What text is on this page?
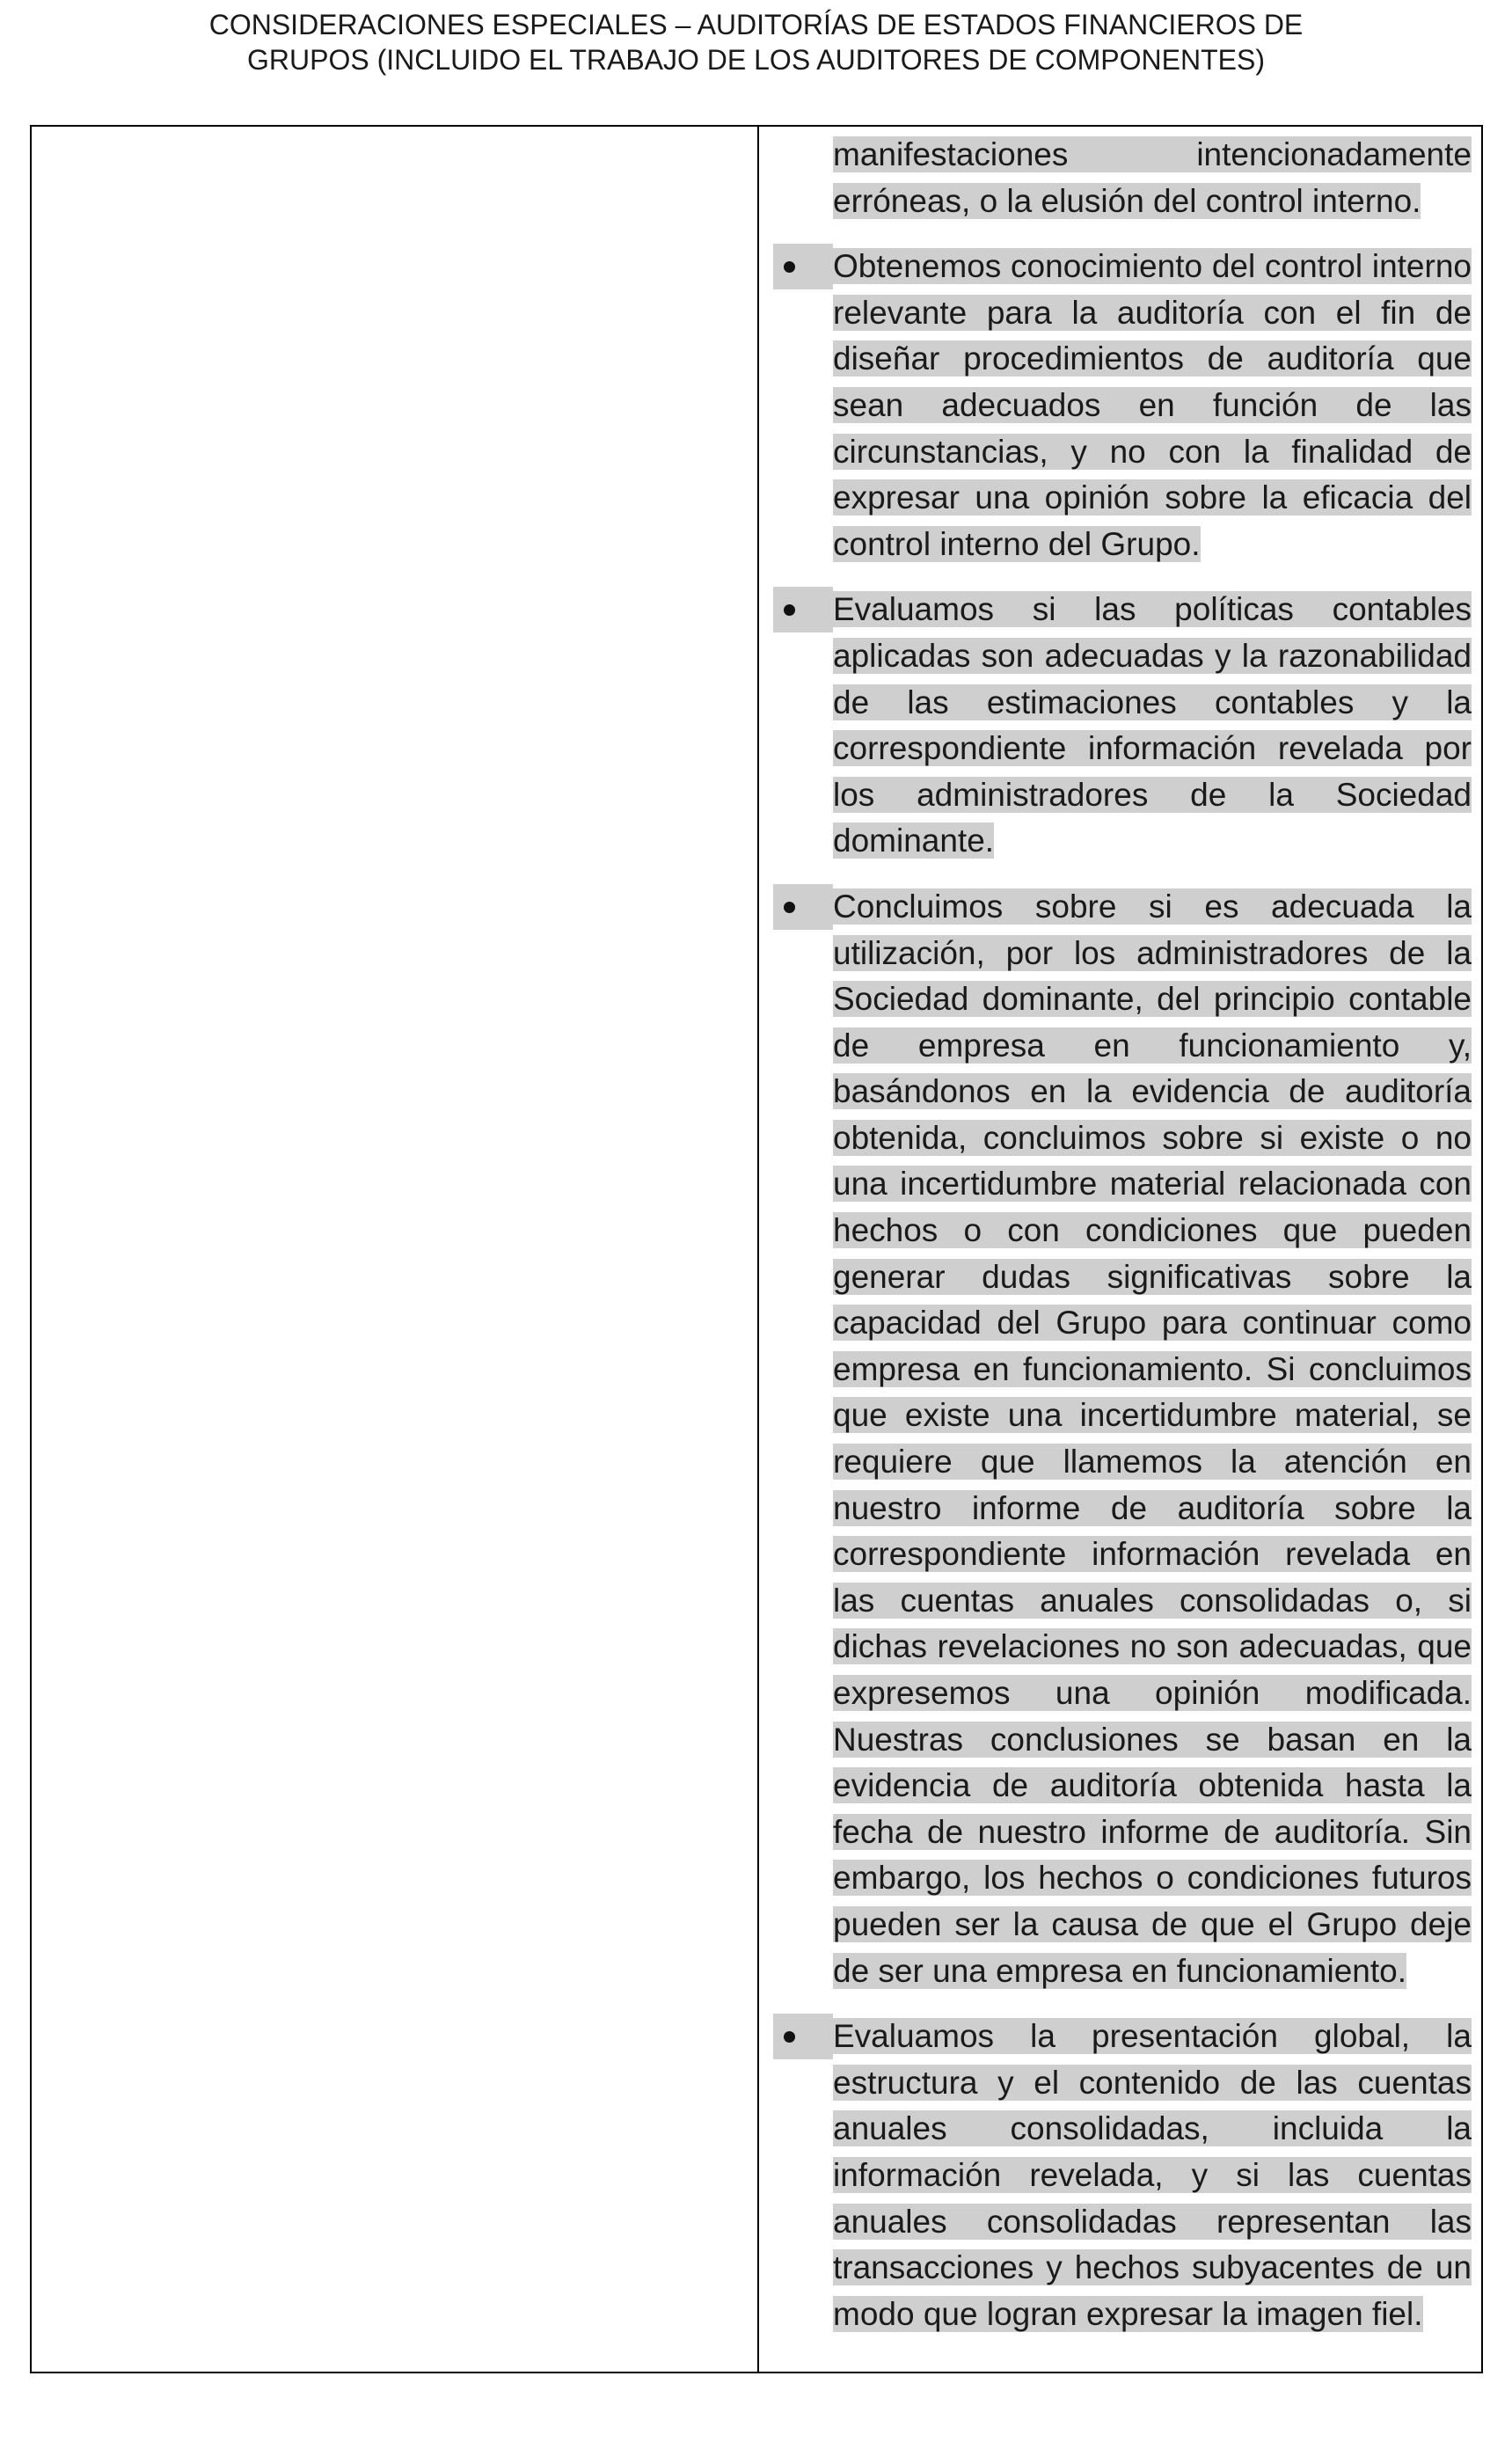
CONSIDERACIONES ESPECIALES – AUDITORÍAS DE ESTADOS FINANCIEROS DE
GRUPOS (INCLUIDO EL TRABAJO DE LOS AUDITORES DE COMPONENTES)

manifestaciones intencionadamente erróneas, o la elusión del control interno.

Obtenemos conocimiento del control interno relevante para la auditoría con el fin de diseñar procedimientos de auditoría que sean adecuados en función de las circunstancias, y no con la finalidad de expresar una opinión sobre la eficacia del control interno del Grupo.

Evaluamos si las políticas contables aplicadas son adecuadas y la razonabilidad de las estimaciones contables y la correspondiente información revelada por los administradores de la Sociedad dominante.

Concluimos sobre si es adecuada la utilización, por los administradores de la Sociedad dominante, del principio contable de empresa en funcionamiento y, basándonos en la evidencia de auditoría obtenida, concluimos sobre si existe o no una incertidumbre material relacionada con hechos o con condiciones que pueden generar dudas significativas sobre la capacidad del Grupo para continuar como empresa en funcionamiento. Si concluimos que existe una incertidumbre material, se requiere que llamemos la atención en nuestro informe de auditoría sobre la correspondiente información revelada en las cuentas anuales consolidadas o, si dichas revelaciones no son adecuadas, que expresemos una opinión modificada. Nuestras conclusiones se basan en la evidencia de auditoría obtenida hasta la fecha de nuestro informe de auditoría. Sin embargo, los hechos o condiciones futuros pueden ser la causa de que el Grupo deje de ser una empresa en funcionamiento.

Evaluamos la presentación global, la estructura y el contenido de las cuentas anuales consolidadas, incluida la información revelada, y si las cuentas anuales consolidadas representan las transacciones y hechos subyacentes de un modo que logran expresar la imagen fiel.
